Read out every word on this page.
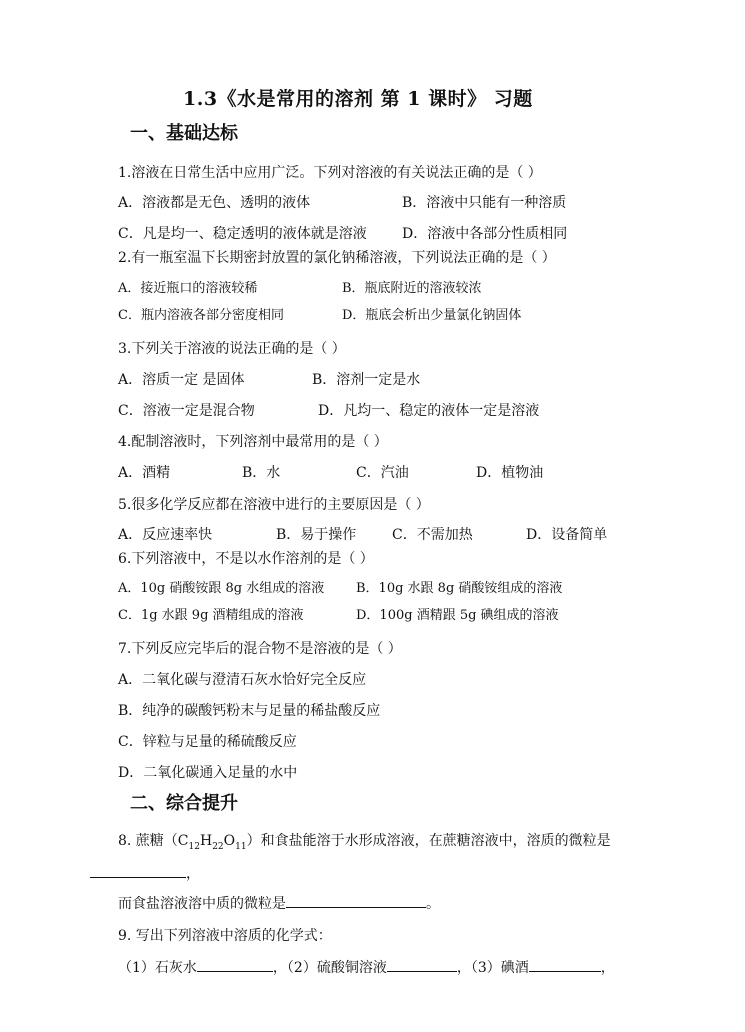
1.3《水是常用的溶剂 第 1 课时》 习题
一、基础达标
1.溶液在日常生活中应用广泛。下列对溶液的有关说法正确的是（ ）
A．溶液都是无色、透明的液体	B．溶液中只能有一种溶质
C．凡是均一、稳定透明的液体就是溶液	D．溶液中各部分性质相同
2.有一瓶室温下长期密封放置的氯化钠稀溶液，下列说法正确的是（ ）
A．接近瓶口的溶液较稀	B．瓶底附近的溶液较浓
C．瓶内溶液各部分密度相同	D．瓶底会析出少量氯化钠固体
3.下列关于溶液的说法正确的是（ ）
A．溶质一定 是固体	B．溶剂一定是水
C．溶液一定是混合物	D．凡均一、稳定的液体一定是溶液
4.配制溶液时，下列溶剂中最常用的是（ ）
A．酒精	B．水	C．汽油	D．植物油
5.很多化学反应都在溶液中进行的主要原因是（ ）
A．反应速率快	B．易于操作	C．不需加热	D．设备简单
6.下列溶液中，不是以水作溶剂的是（ ）
A．10g 硝酸铵跟 8g 水组成的溶液 B．10g 水跟 8g 硝酸铵组成的溶液
C．1g 水跟 9g 酒精组成的溶液	D．100g 酒精跟 5g 碘组成的溶液
7.下列反应完毕后的混合物不是溶液的是（ ）
A．二氧化碳与澄清石灰水恰好完全反应
B．纯净的碳酸钙粉末与足量的稀盐酸反应
C．锌粒与足量的稀硫酸反应
D．二氧化碳通入足量的水中
二、综合提升
8. 蔗糖$(C_{12}H_{22}O_{11})$和食盐能溶于水形成溶液，在蔗糖溶液中，溶质的微粒是
，
而食盐溶液溶中质的微粒是	。
9. 写出下列溶液中溶质的化学式：
（1）石灰水	，（2）硫酸铜溶液	，（3）碘酒	，
